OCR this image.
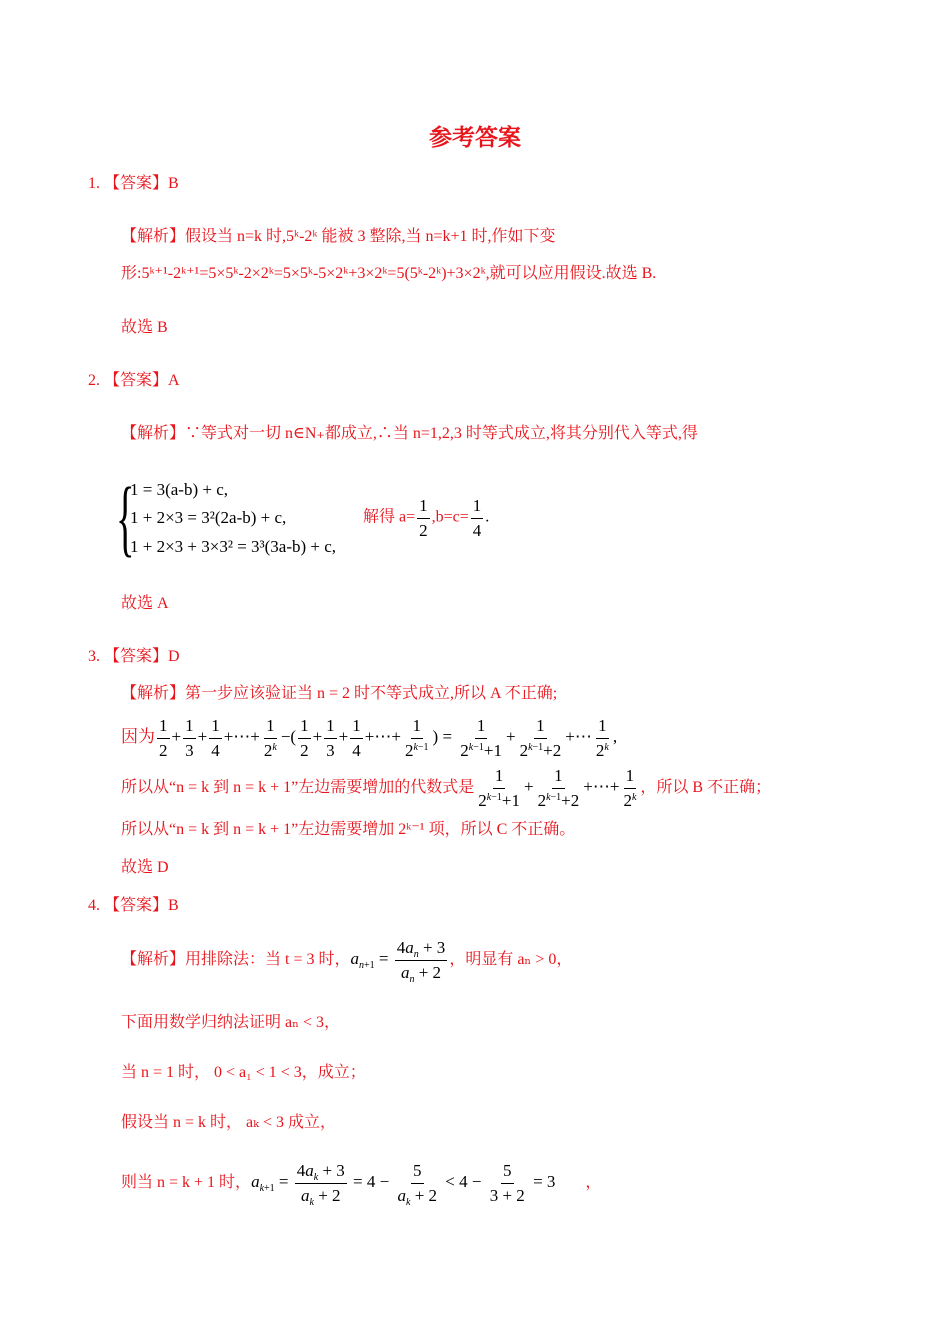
参考答案
1. 【答案】B
【解析】假设当 n=k 时,5ᵏ-2ᵏ 能被 3 整除,当 n=k+1 时,作如下变
形:5ᵏ⁺¹-2ᵏ⁺¹=5×5ᵏ-2×2ᵏ=5×5ᵏ-5×2ᵏ+3×2ᵏ=5(5ᵏ-2ᵏ)+3×2ᵏ,就可以应用假设.故选 B.
故选 B
2. 【答案】A
【解析】∵等式对一切 n∈N₊都成立,∴当 n=1,2,3 时等式成立,将其分别代入等式,得
{
1 = 3(a-b) + c,
1 + 2×3 = 3²(2a-b) + c,
1 + 2×3 + 3×3² = 3³(3a-b) + c,
解得 $a= \frac{1}{2} ,b=c= \frac{1}{4}$ .
故选 A
3. 【答案】D
【解析】第一步应该验证当 n = 2 时不等式成立,所以 A 不正确;
因为 $\frac{1}{2} + \frac{1}{3} + \frac{1}{4}$ +⋯+ $\frac{1}{2^k}$ −( $\frac{1}{2} + \frac{1}{3} + \frac{1}{4}$ +⋯+ $\frac{1}{2^{k-1}}$ ) = $\frac{1}{2^{k-1}+1} + \frac{1}{2^{k-1}+2}$ +⋯ $\frac{1}{2^k}$ ,
所以从“n = k 到 n = k + 1”左边需要增加的代数式是 $\frac{1}{2^{k-1}+1} + \frac{1}{2^{k-1}+2}$ +⋯+ $\frac{1}{2^k}$ ，所以 B 不正确；
所以从“n = k 到 n = k + 1”左边需要增加 2ᵏ⁻¹ 项，所以 C 不正确。
故选 D
4. 【答案】B
【解析】用排除法：当 t = 3 时，$a_{n+1} = \frac{4a_n + 3}{a_n + 2}$ ，明显有 aₙ > 0，
下面用数学归纳法证明 aₙ < 3，
当 n = 1 时， 0 < a₁ < 1 < 3，成立；
假设当 n = k 时， aₖ < 3 成立，
则当 n = k + 1 时，$a_{k+1} = \frac{4a_k + 3}{a_k + 2} = 4 - \frac{5}{a_k + 2} < 4 - \frac{5}{3 + 2} = 3$ ，
